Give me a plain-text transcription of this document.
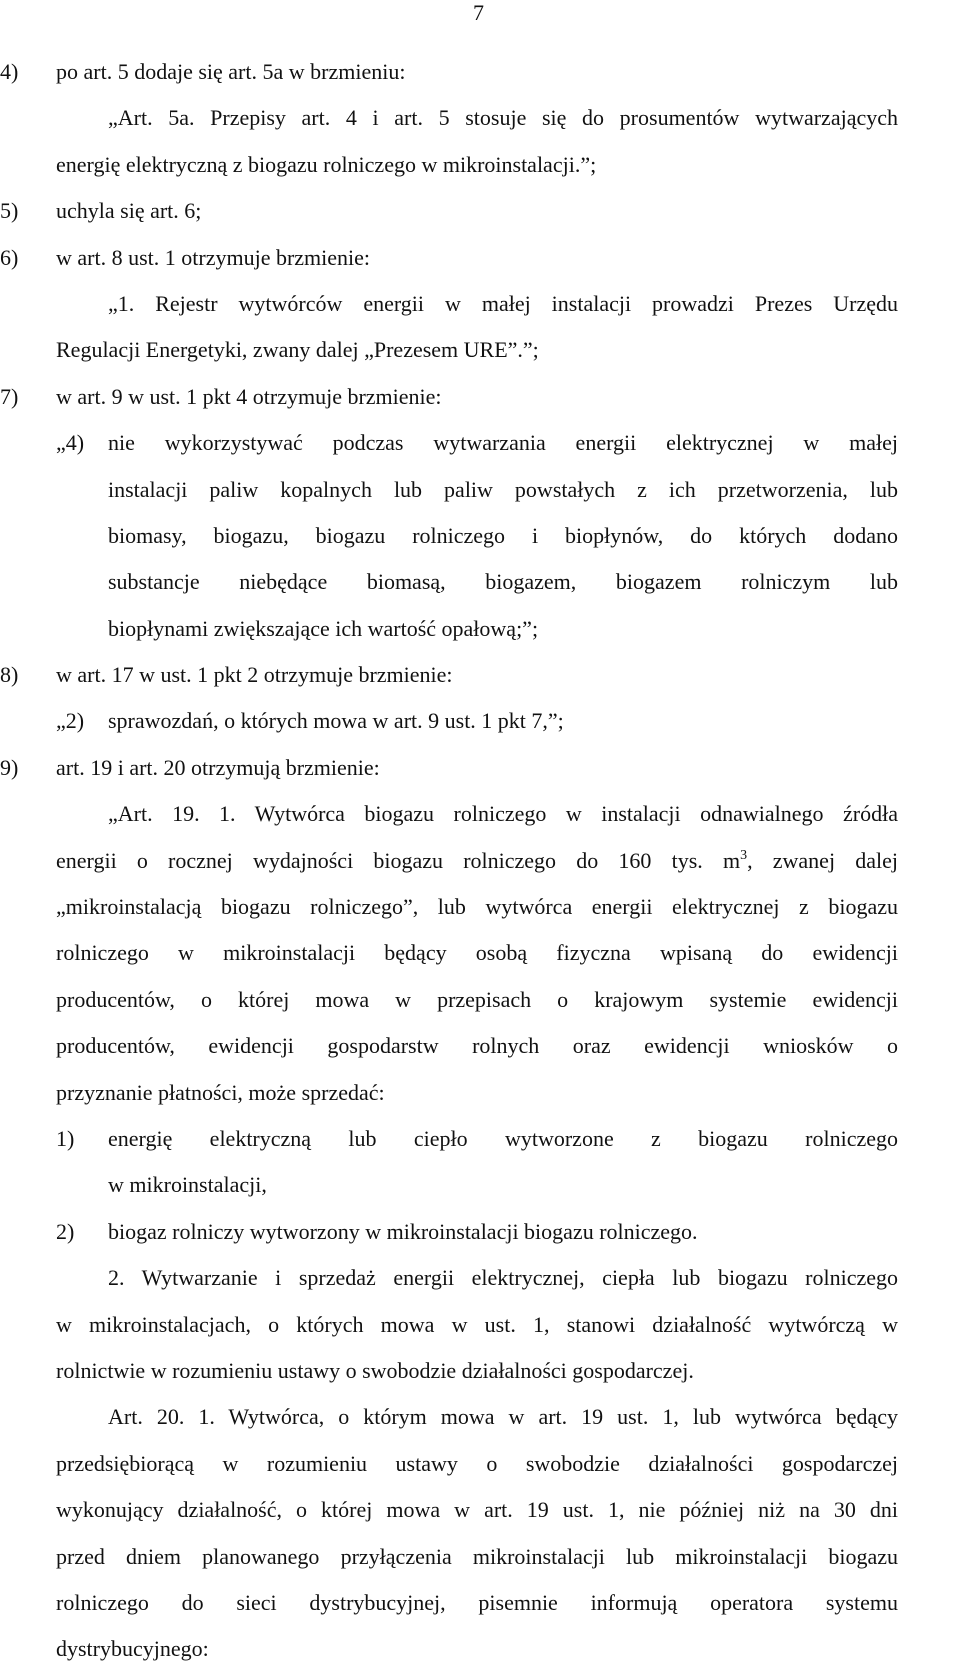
7
4) po art. 5 dodaje się art. 5a w brzmieniu:
„Art. 5a. Przepisy art. 4 i art. 5 stosuje się do prosumentów wytwarzających
energię elektryczną z biogazu rolniczego w mikroinstalacji.”;
5) uchyla się art. 6;
6) w art. 8 ust. 1 otrzymuje brzmienie:
„1. Rejestr wytwórców energii w małej instalacji prowadzi Prezes Urzędu
Regulacji Energetyki, zwany dalej „Prezesem URE”.”;
7) w art. 9 w ust. 1 pkt 4 otrzymuje brzmienie:
„4) nie wykorzystywać podczas wytwarzania energii elektrycznej w małej
instalacji paliw kopalnych lub paliw powstałych z ich przetworzenia, lub
biomasy, biogazu, biogazu rolniczego i biopłynów, do których dodano
substancje niebędące biomasą, biogazem, biogazem rolniczym lub
biopłynami zwiększające ich wartość opałową;”;
8) w art. 17 w ust. 1 pkt 2 otrzymuje brzmienie:
„2) sprawozdań, o których mowa w art. 9 ust. 1 pkt 7,”;
9) art. 19 i art. 20 otrzymują brzmienie:
„Art. 19. 1. Wytwórca biogazu rolniczego w instalacji odnawialnego źródła
energii o rocznej wydajności biogazu rolniczego do 160 tys. $m^3$, zwanej dalej
„mikroinstalacją biogazu rolniczego”, lub wytwórca energii elektrycznej z biogazu
rolniczego w mikroinstalacji będący osobą fizyczna wpisaną do ewidencji
producentów, o której mowa w przepisach o krajowym systemie ewidencji
producentów, ewidencji gospodarstw rolnych oraz ewidencji wniosków o
przyznanie płatności, może sprzedać:
1) energię elektryczną lub ciepło wytworzone z biogazu rolniczego
w mikroinstalacji,
2) biogaz rolniczy wytworzony w mikroinstalacji biogazu rolniczego.
2. Wytwarzanie i sprzedaż energii elektrycznej, ciepła lub biogazu rolniczego
w mikroinstalacjach, o których mowa w ust. 1, stanowi działalność wytwórczą w
rolnictwie w rozumieniu ustawy o swobodzie działalności gospodarczej.
Art. 20. 1. Wytwórca, o którym mowa w art. 19 ust. 1, lub wytwórca będący
przedsiębiorącą w rozumieniu ustawy o swobodzie działalności gospodarczej
wykonujący działalność, o której mowa w art. 19 ust. 1, nie później niż na 30 dni
przed dniem planowanego przyłączenia mikroinstalacji lub mikroinstalacji biogazu
rolniczego do sieci dystrybucyjnej, pisemnie informują operatora systemu
dystrybucyjnego:
